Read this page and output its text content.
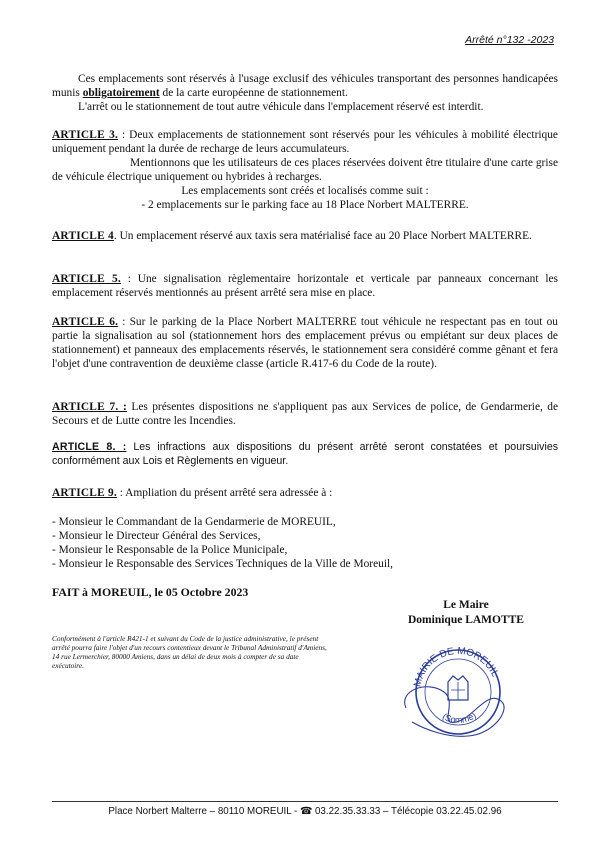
Arrêté n°132 -2023

Ces emplacements sont réservés à l'usage exclusif des véhicules transportant des personnes handicapées munis obligatoirement de la carte européenne de stationnement.

L'arrêt ou le stationnement de tout autre véhicule dans l'emplacement réservé est interdit.

ARTICLE 3. : Deux emplacements de stationnement sont réservés pour les véhicules à mobilité électrique uniquement pendant la durée de recharge de leurs accumulateurs.

Mentionnons que les utilisateurs de ces places réservées doivent être titulaire d'une carte grise de véhicule électrique uniquement ou hybrides à recharges.

Les emplacements sont créés et localisés comme suit :

- 2 emplacements sur le parking face au 18 Place Norbert MALTERRE.

ARTICLE 4. Un emplacement réservé aux taxis sera matérialisé face au 20 Place Norbert MALTERRE.

ARTICLE 5. : Une signalisation règlementaire horizontale et verticale par panneaux concernant les emplacement réservés mentionnés au présent arrêté sera mise en place.

ARTICLE 6. : Sur le parking de la Place Norbert MALTERRE tout véhicule ne respectant pas en tout ou partie la signalisation au sol (stationnement hors des emplacement prévus ou empiétant sur deux places de stationnement) et panneaux des emplacements réservés, le stationnement sera considéré comme gênant et fera l'objet d'une contravention de deuxième classe (article R.417-6 du Code de la route).

ARTICLE 7. : Les présentes dispositions ne s'appliquent pas aux Services de police, de Gendarmerie, de Secours et de Lutte contre les Incendies.

ARTICLE 8. : Les infractions aux dispositions du présent arrêté seront constatées et poursuivies conformément aux Lois et Règlements en vigueur.

ARTICLE 9. : Ampliation du présent arrêté sera adressée à :

- Monsieur le Commandant de la Gendarmerie de MOREUIL,

- Monsieur le Directeur Général des Services,

- Monsieur le Responsable de la Police Municipale,

- Monsieur le Responsable des Services Techniques de la Ville de Moreuil,

FAIT à MOREUIL, le 05 Octobre 2023
Le Maire
Dominique LAMOTTE
Conformément à l'article R421-1 et suivant du Code de la justice administrative, le présent arrêté pourra faire l'objet d'un recours contentieux devant le Tribunal Administratif d'Amiens, 14 rue Lermerchier, 80000 Amiens, dans un délai de deux mois à compter de sa date exécutoire.
MAIRIE DE MOREUIL
(Somme)
Place Norbert Malterre – 80110 MOREUIL - ☎ 03.22.35.33.33 – Télécopie 03.22.45.02.96
